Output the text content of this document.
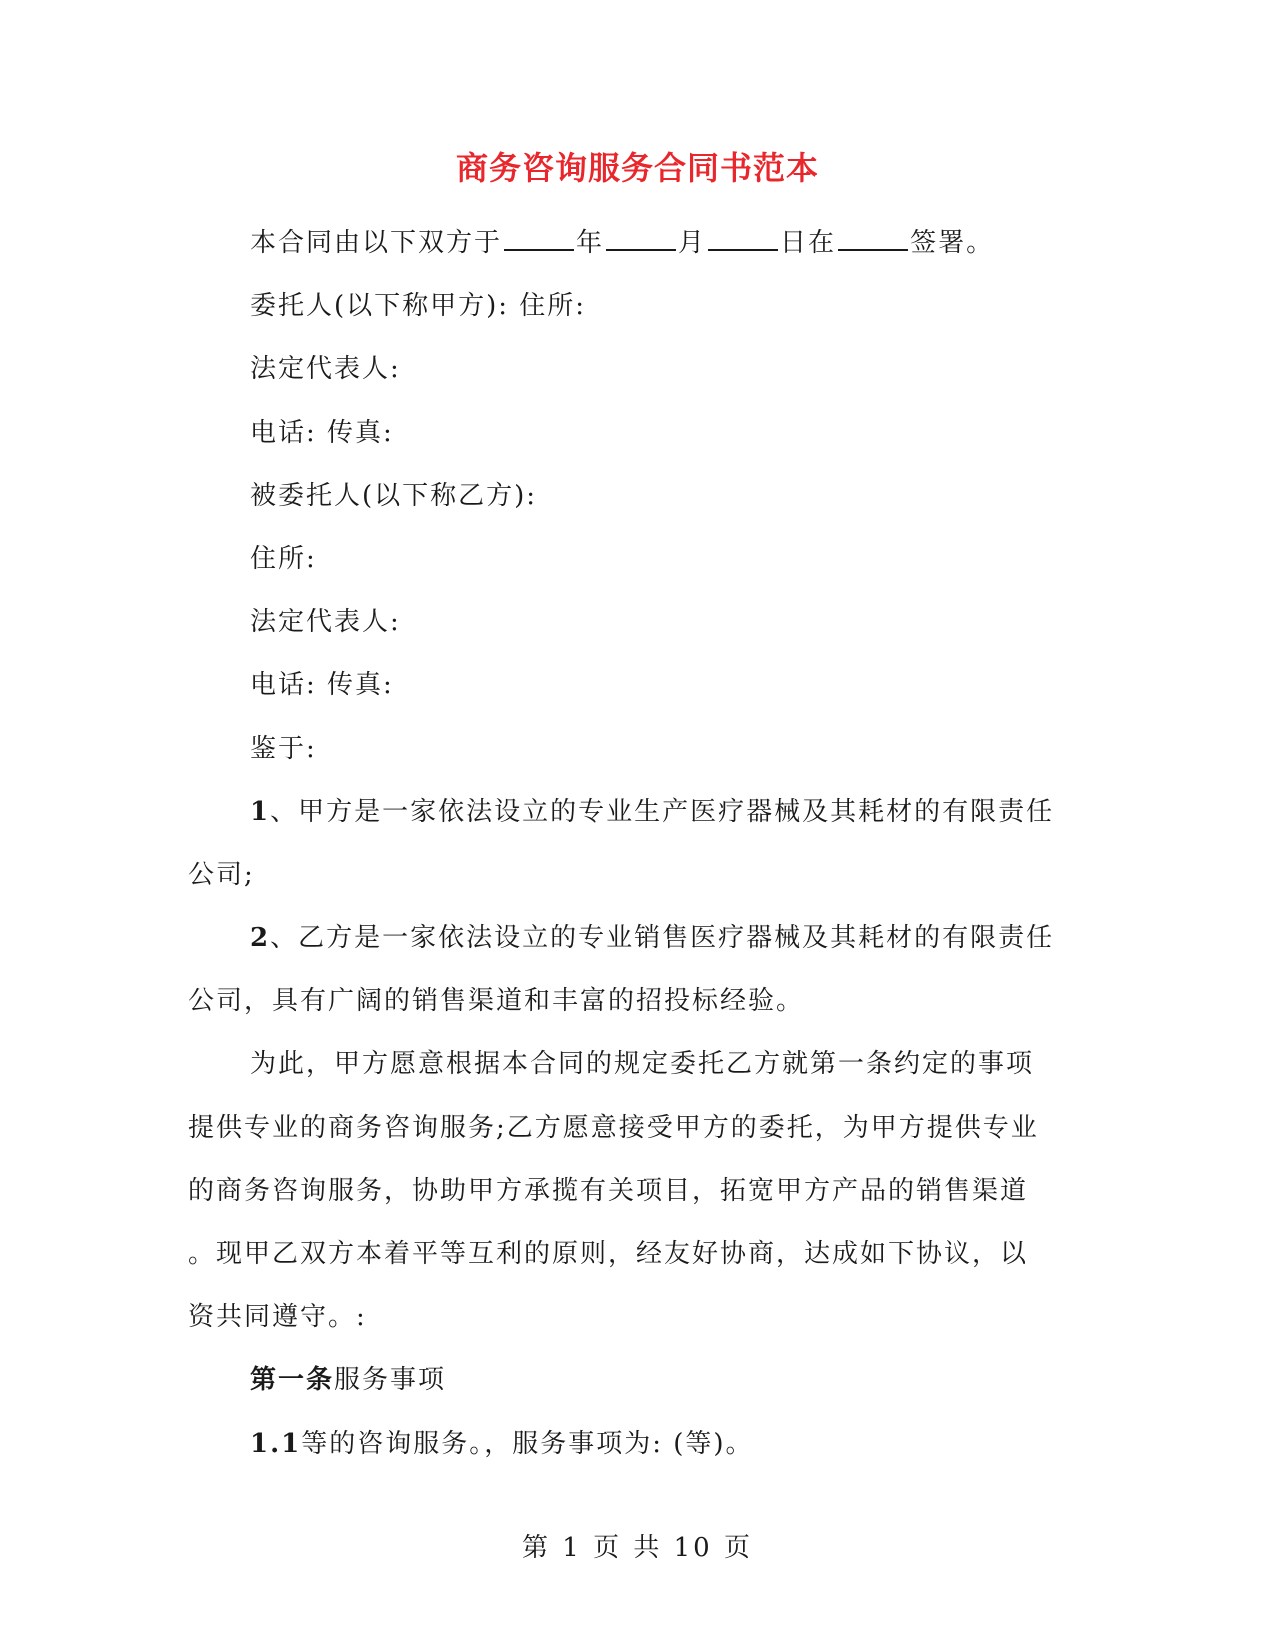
商务咨询服务合同书范本
本合同由以下双方于	年	月	日在	签署。
委托人(以下称甲方): 住所:
法定代表人:
电话: 传真:
被委托人(以下称乙方):
住所:
法定代表人:
电话: 传真:
鉴于:
1、甲方是一家依法设立的专业生产医疗器械及其耗材的有限责任
公司;
2、乙方是一家依法设立的专业销售医疗器械及其耗材的有限责任
公司，具有广阔的销售渠道和丰富的招投标经验。
为此，甲方愿意根据本合同的规定委托乙方就第一条约定的事项
提供专业的商务咨询服务;乙方愿意接受甲方的委托，为甲方提供专业
的商务咨询服务，协助甲方承揽有关项目，拓宽甲方产品的销售渠道
。现甲乙双方本着平等互利的原则，经友好协商，达成如下协议，以
资共同遵守。:
第一条服务事项
1.1等的咨询服务。，服务事项为: (等)。
第 1 页 共 10 页
